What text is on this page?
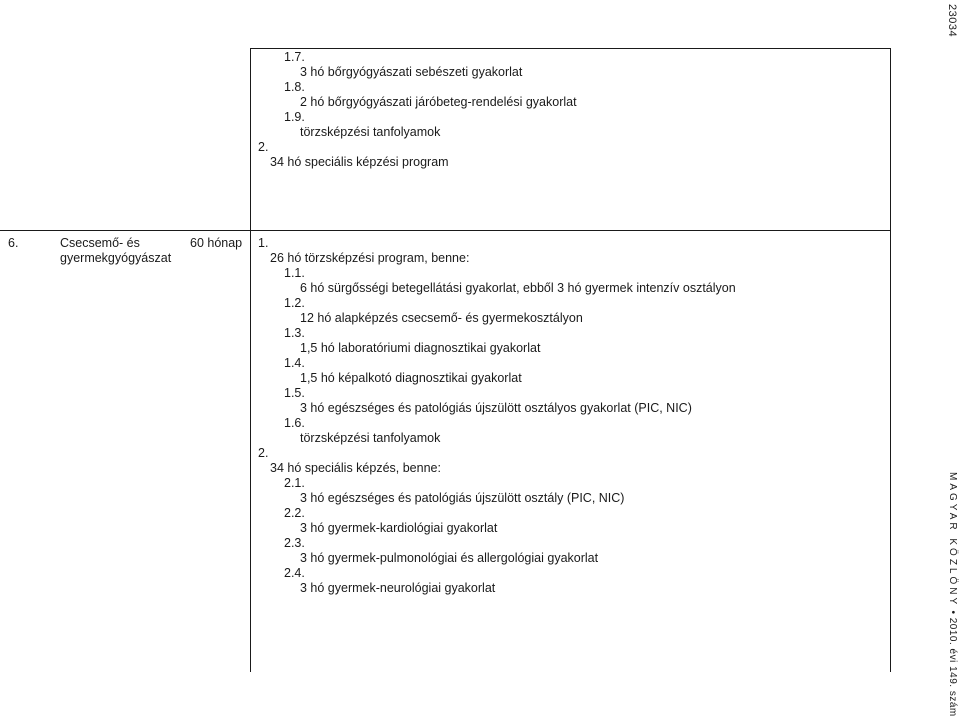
23034
MAGYAR KÖZLÖNY • 2010. évi 149. szám
1.7.
3 hó bőrgyógyászati sebészeti gyakorlat
1.8.
2 hó bőrgyógyászati járóbeteg-rendelési gyakorlat
1.9.
törzsképzési tanfolyamok
2.
34 hó speciális képzési program
6.	Csecsemő- és
gyermekgyógyászat
60 hónap 1.
26 hó törzsképzési program, benne:
1.1.
6 hó sürgősségi betegellátási gyakorlat, ebből 3 hó gyermek intenzív osztályon
1.2.
12 hó alapképzés csecsemő- és gyermekosztályon
1.3.
1,5 hó laboratóriumi diagnosztikai gyakorlat
1.4.
1,5 hó képalkotó diagnosztikai gyakorlat
1.5.
3 hó egészséges és patológiás újszülött osztályos gyakorlat (PIC, NIC)
1.6.
törzsképzési tanfolyamok
2.
34 hó speciális képzés, benne:
2.1.
3 hó egészséges és patológiás újszülött osztály (PIC, NIC)
2.2.
3 hó gyermek-kardiológiai gyakorlat
2.3.
3 hó gyermek-pulmonológiai és allergológiai gyakorlat
2.4.
3 hó gyermek-neurológiai gyakorlat
